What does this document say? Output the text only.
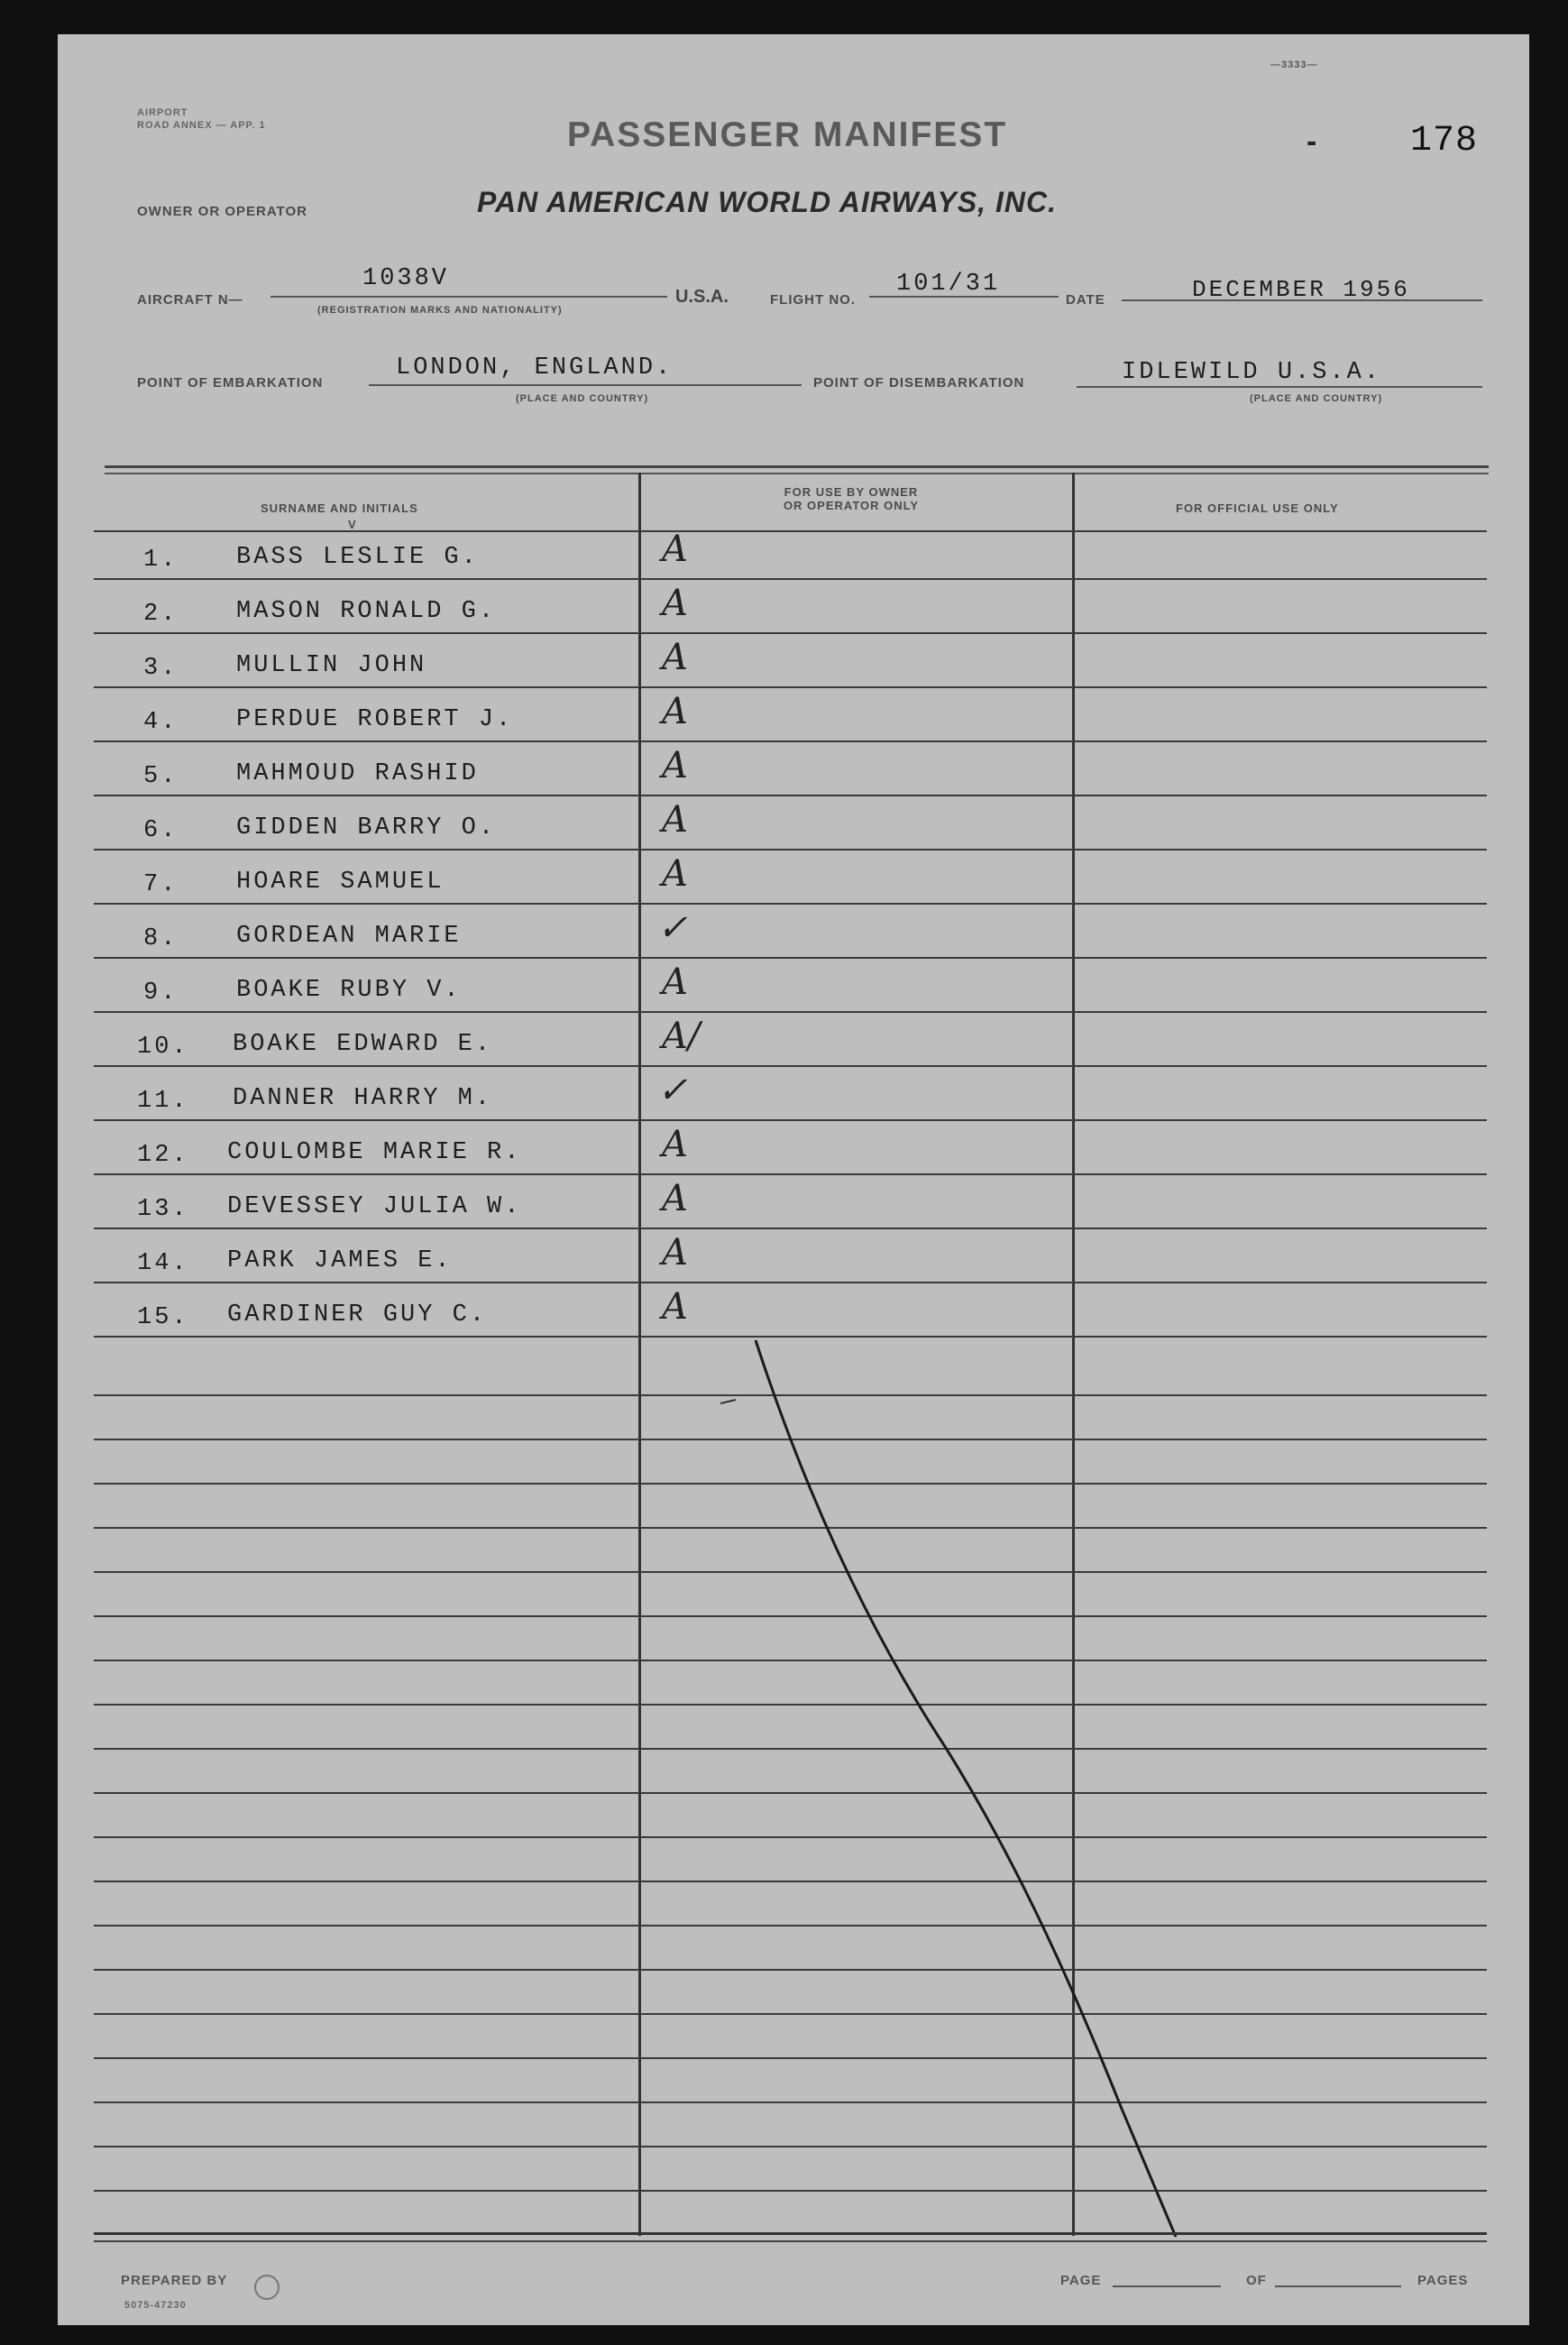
AIRPORT
ROAD ANNEX — APP. 1
—3333—
PASSENGER MANIFEST	-	178
OWNER OR OPERATOR	PAN AMERICAN WORLD AIRWAYS, INC.
AIRCRAFT N—
1038V
(REGISTRATION MARKS AND NATIONALITY)
U.S.A.	FLIGHT NO.
101/31
DATE	DECEMBER 1956
POINT OF EMBARKATION
LONDON, ENGLAND.
(PLACE AND COUNTRY)
POINT OF DISEMBARKATION	IDLEWILD U.S.A.
(PLACE AND COUNTRY)
SURNAME AND INITIALS
V
FOR USE BY OWNER
OR OPERATOR ONLY	FOR OFFICIAL USE ONLY
1. BASS LESLIE G.	A
2. MASON RONALD G.	A
3. MULLIN JOHN	A
4. PERDUE ROBERT J.	A
5. MAHMOUD RASHID	A
6. GIDDEN BARRY O.	A
7. HOARE SAMUEL	A
8. GORDEAN MARIE	✓
9. BOAKE RUBY V.	A
10. BOAKE EDWARD E.	A/
11. DANNER HARRY M.	✓
12. COULOMBE MARIE R.	A
13. DEVESSEY JULIA W.	A
14. PARK JAMES E.	A
15. GARDINER GUY C.	A
PREPARED BY
5075-47230
PAGE	OF	PAGES
